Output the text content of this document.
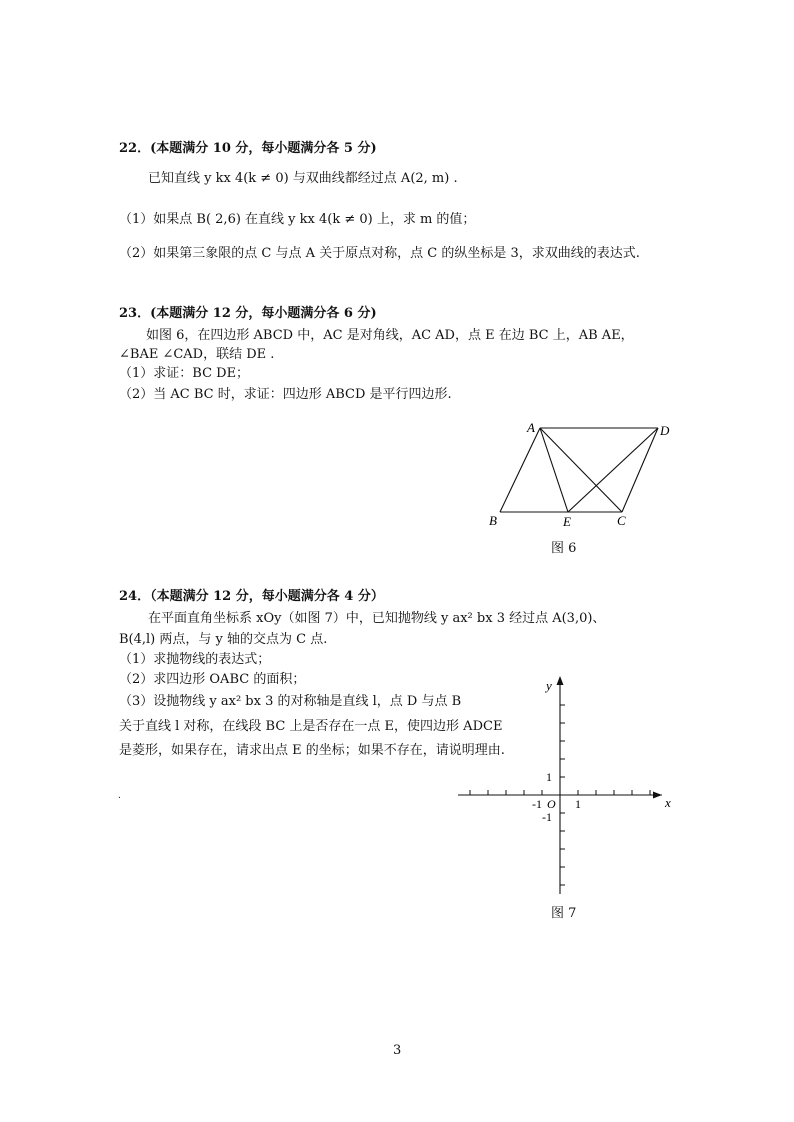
22．(本题满分 10 分，每小题满分各 5 分)
已知直线 y kx 4(k ≠ 0) 与双曲线都经过点 A(2, m) .
（1）如果点 B( 2,6) 在直线 y kx 4(k ≠ 0) 上，求 m 的值；
（2）如果第三象限的点 C 与点 A 关于原点对称，点 C 的纵坐标是 3，求双曲线的表达式.
23．(本题满分 12 分，每小题满分各 6 分)
如图 6，在四边形 ABCD 中，AC 是对角线，AC AD，点 E 在边 BC 上，AB AE，
∠BAE ∠CAD，联结 DE .
（1）求证：BC DE；
（2）当 AC BC 时，求证：四边形 ABCD 是平行四边形.
A	D
B	E	C
图 6
24．（本题满分 12 分，每小题满分各 4 分）
在平面直角坐标系 xOy（如图 7）中，已知抛物线 y ax² bx 3 经过点 A(3,0)、
B(4,l) 两点，与 y 轴的交点为 C 点.
（1）求抛物线的表达式；
（2）求四边形 OABC 的面积；
（3）设抛物线 y ax² bx 3 的对称轴是直线 l，点 D 与点 B
关于直线 l 对称，在线段 BC 上是否存在一点 E，使四边形 ADCE
是菱形，如果存在，请求出点 E 的坐标；如果不存在，请说明理由.
.
y
x
1
-1 O 1
-1
图 7
3
